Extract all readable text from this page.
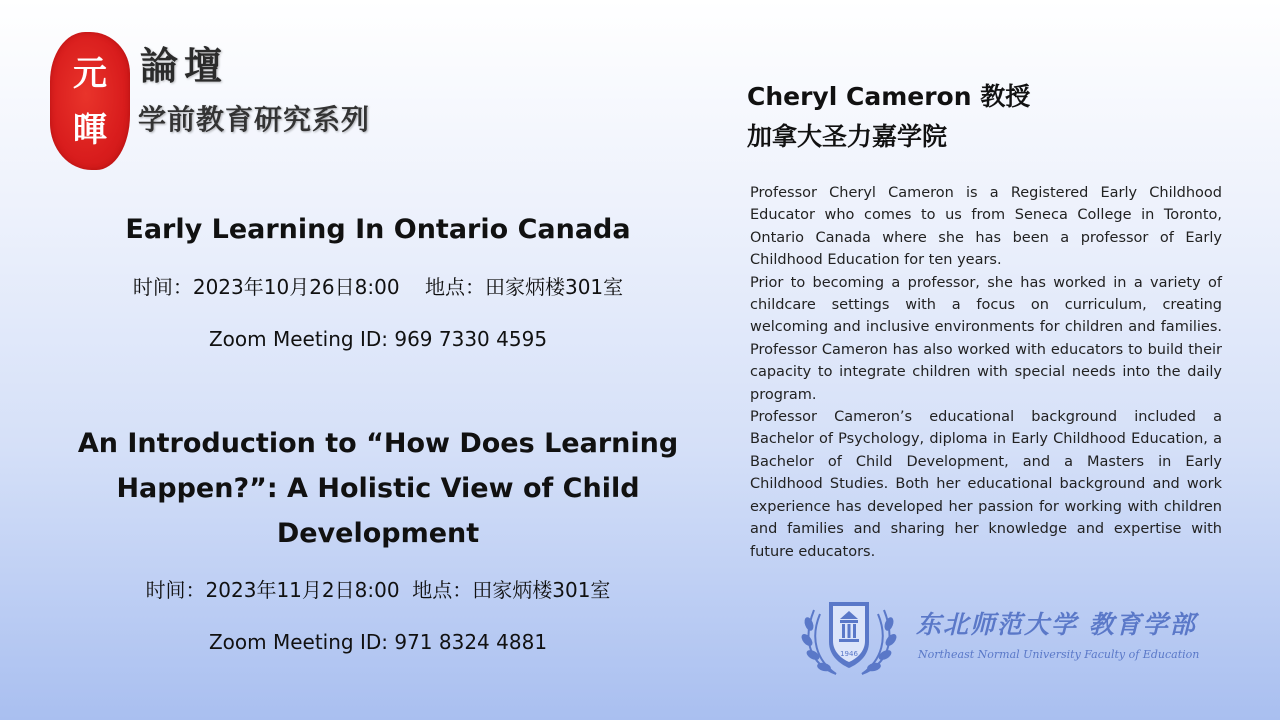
元
暉
論壇
学前教育研究系列
Early Learning In Ontario Canada
时间：2023年10月26日8:00    地点：田家炳楼301室
Zoom Meeting ID: 969 7330 4595
An Introduction to “How Does Learning
Happen?”: A Holistic View of Child
Development
时间：2023年11月2日8:00  地点：田家炳楼301室
Zoom Meeting ID: 971 8324 4881
Cheryl Cameron 教授
加拿大圣力嘉学院

Professor Cheryl Cameron is a Registered Early Childhood Educator who comes to us from Seneca College in Toronto, Ontario Canada where she has been a professor of Early Childhood Education for ten years.

Prior to becoming a professor, she has worked in a variety of childcare settings with a focus on curriculum, creating welcoming and inclusive environments for children and families. Professor Cameron has also worked with educators to build their capacity to integrate children with special needs into the daily program.

Professor Cameron’s educational background included a Bachelor of Psychology, diploma in Early Childhood Education, a Bachelor of Child Development, and a Masters in Early Childhood Studies. Both her educational background and work experience has developed her passion for working with children and families and sharing her knowledge and expertise with future educators.

1946
东北师范大学 教育学部
Northeast Normal University Faculty of Education
